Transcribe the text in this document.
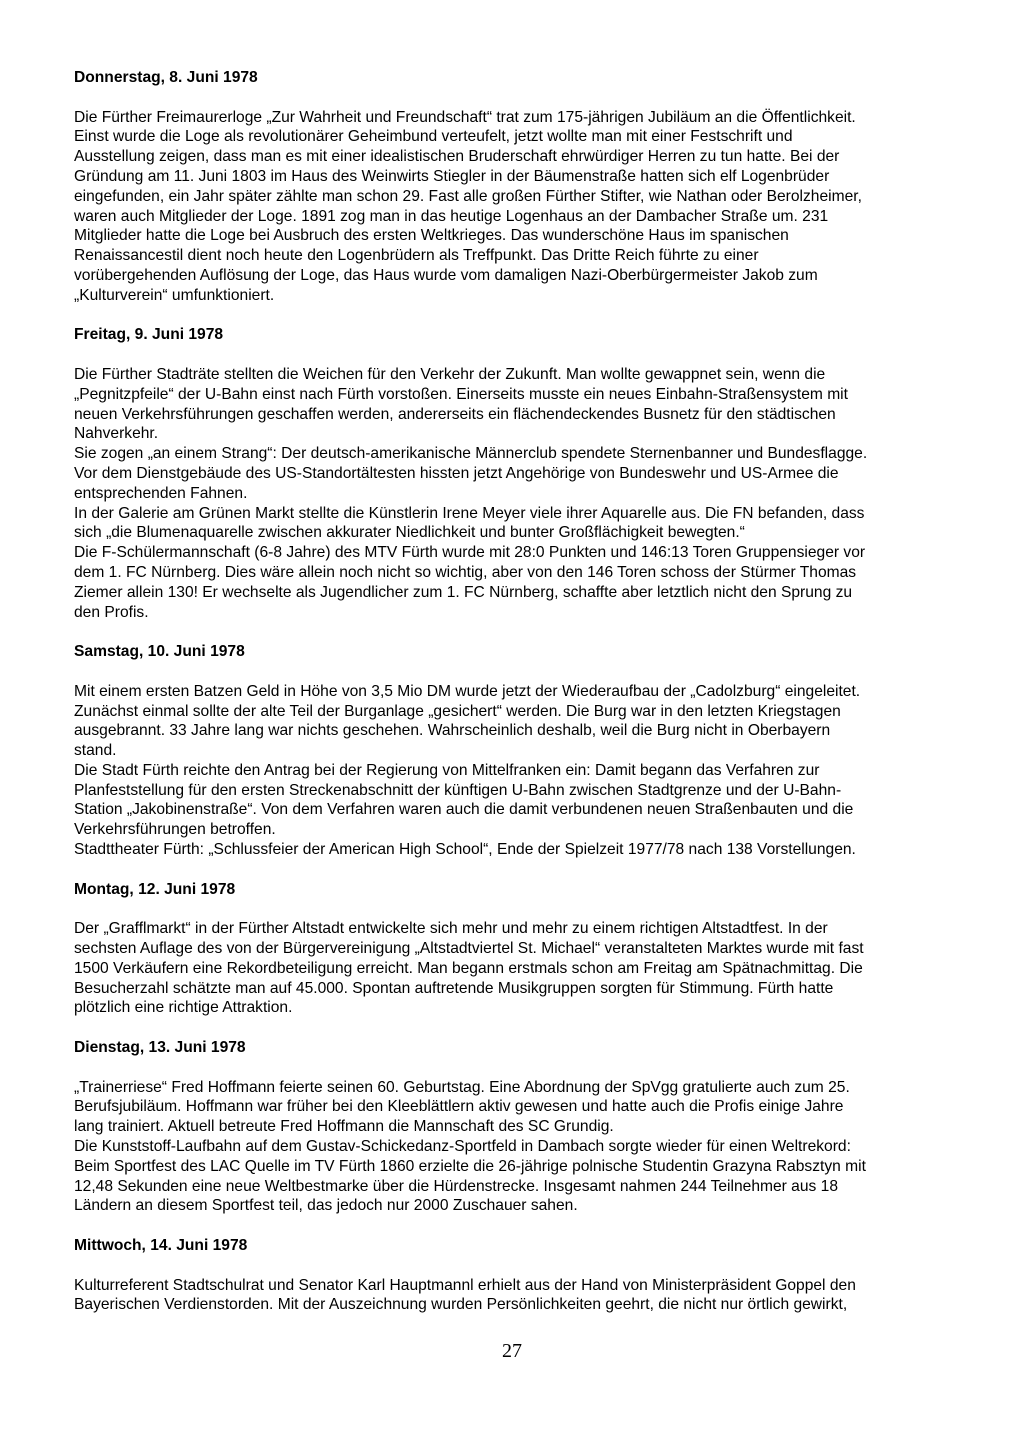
Donnerstag, 8. Juni 1978
Die Fürther Freimaurerloge „Zur Wahrheit und Freundschaft“ trat zum 175-jährigen Jubiläum an die Öffentlichkeit.
Einst wurde die Loge als revolutionärer Geheimbund verteufelt, jetzt wollte man mit einer Festschrift und
Ausstellung zeigen, dass man es mit einer idealistischen Bruderschaft ehrwürdiger Herren zu tun hatte. Bei der
Gründung am 11. Juni 1803 im Haus des Weinwirts Stiegler in der Bäumenstraße hatten sich elf Logenbrüder
eingefunden, ein Jahr später zählte man schon 29. Fast alle großen Fürther Stifter, wie Nathan oder Berolzheimer,
waren auch Mitglieder der Loge. 1891 zog man in das heutige Logenhaus an der Dambacher Straße um. 231
Mitglieder hatte die Loge bei Ausbruch des ersten Weltkrieges. Das wunderschöne Haus im spanischen
Renaissancestil dient noch heute den Logenbrüdern als Treffpunkt. Das Dritte Reich führte zu einer
vorübergehenden Auflösung der Loge, das Haus wurde vom damaligen Nazi-Oberbürgermeister Jakob zum
„Kulturverein“ umfunktioniert.
Freitag, 9. Juni 1978
Die Fürther Stadträte stellten die Weichen für den Verkehr der Zukunft. Man wollte gewappnet sein, wenn die
„Pegnitzpfeile“ der U-Bahn einst nach Fürth vorstoßen. Einerseits musste ein neues Einbahn-Straßensystem mit
neuen Verkehrsführungen geschaffen werden, andererseits ein flächendeckendes Busnetz für den städtischen
Nahverkehr.
Sie zogen „an einem Strang“: Der deutsch-amerikanische Männerclub spendete Sternenbanner und Bundesflagge.
Vor dem Dienstgebäude des US-Standortältesten hissten jetzt Angehörige von Bundeswehr und US-Armee die
entsprechenden Fahnen.
In der Galerie am Grünen Markt stellte die Künstlerin Irene Meyer viele ihrer Aquarelle aus. Die FN befanden, dass
sich „die Blumenaquarelle zwischen akkurater Niedlichkeit und bunter Großflächigkeit bewegten.“
Die F-Schülermannschaft (6-8 Jahre) des MTV Fürth wurde mit 28:0 Punkten und 146:13 Toren Gruppensieger vor
dem 1. FC Nürnberg. Dies wäre allein noch nicht so wichtig, aber von den 146 Toren schoss der Stürmer Thomas
Ziemer allein 130! Er wechselte als Jugendlicher zum 1. FC Nürnberg, schaffte aber letztlich nicht den Sprung zu
den Profis.
Samstag, 10. Juni 1978
Mit einem ersten Batzen Geld in Höhe von 3,5 Mio DM wurde jetzt der Wiederaufbau der „Cadolzburg“ eingeleitet.
Zunächst einmal sollte der alte Teil der Burganlage „gesichert“ werden. Die Burg war in den letzten Kriegstagen
ausgebrannt. 33 Jahre lang war nichts geschehen. Wahrscheinlich deshalb, weil die Burg nicht in Oberbayern
stand.
Die Stadt Fürth reichte den Antrag bei der Regierung von Mittelfranken ein: Damit begann das Verfahren zur
Planfeststellung für den ersten Streckenabschnitt der künftigen U-Bahn zwischen Stadtgrenze und der U-Bahn-
Station „Jakobinenstraße“. Von dem Verfahren waren auch die damit verbundenen neuen Straßenbauten und die
Verkehrsführungen betroffen.
Stadttheater Fürth: „Schlussfeier der American High School“, Ende der Spielzeit 1977/78 nach 138 Vorstellungen.
Montag, 12. Juni 1978
Der „Grafflmarkt“ in der Fürther Altstadt entwickelte sich mehr und mehr zu einem richtigen Altstadtfest. In der
sechsten Auflage des von der Bürgervereinigung „Altstadtviertel St. Michael“ veranstalteten Marktes wurde mit fast
1500 Verkäufern eine Rekordbeteiligung erreicht. Man begann erstmals schon am Freitag am Spätnachmittag. Die
Besucherzahl schätzte man auf 45.000. Spontan auftretende Musikgruppen sorgten für Stimmung. Fürth hatte
plötzlich eine richtige Attraktion.
Dienstag, 13. Juni 1978
„Trainerriese“ Fred Hoffmann feierte seinen 60. Geburtstag. Eine Abordnung der SpVgg gratulierte auch zum 25.
Berufsjubiläum. Hoffmann war früher bei den Kleeblättlern aktiv gewesen und hatte auch die Profis einige Jahre
lang trainiert. Aktuell betreute Fred Hoffmann die Mannschaft des SC Grundig.
Die Kunststoff-Laufbahn auf dem Gustav-Schickedanz-Sportfeld in Dambach sorgte wieder für einen Weltrekord:
Beim Sportfest des LAC Quelle im TV Fürth 1860 erzielte die 26-jährige polnische Studentin Grazyna Rabsztyn mit
12,48 Sekunden eine neue Weltbestmarke über die Hürdenstrecke. Insgesamt nahmen 244 Teilnehmer aus 18
Ländern an diesem Sportfest teil, das jedoch nur 2000 Zuschauer sahen.
Mittwoch, 14. Juni 1978
Kulturreferent Stadtschulrat und Senator Karl Hauptmannl erhielt aus der Hand von Ministerpräsident Goppel den
Bayerischen Verdienstorden. Mit der Auszeichnung wurden Persönlichkeiten geehrt, die nicht nur örtlich gewirkt,
27
